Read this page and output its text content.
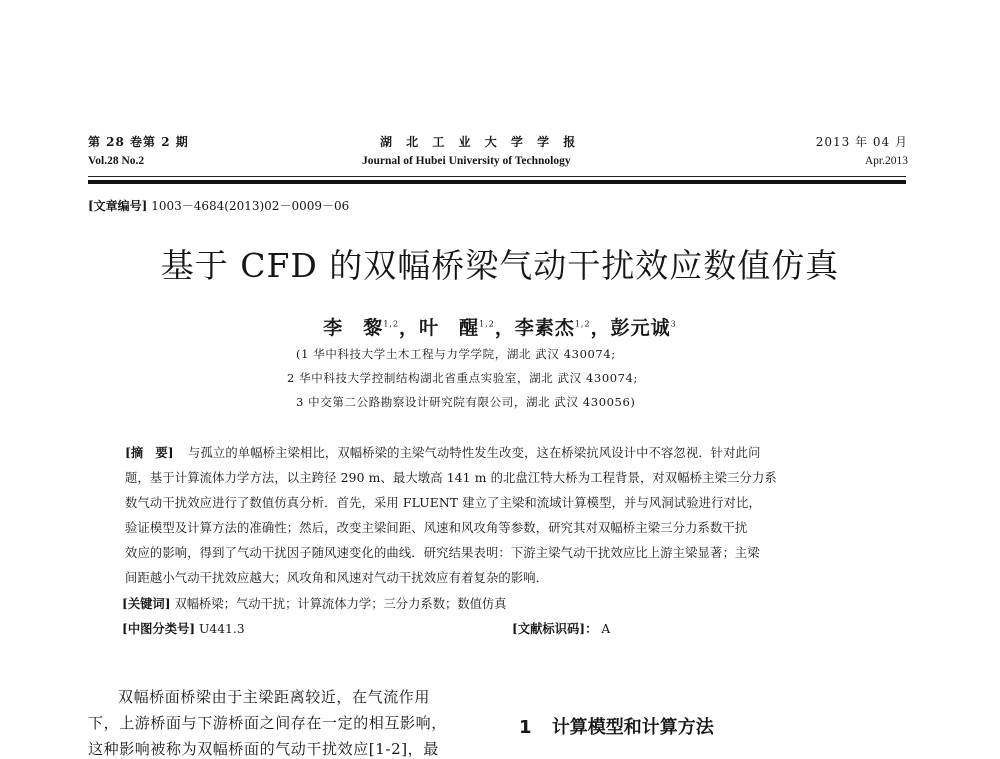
第 28 卷第 2 期
Vol.28 No.2
湖 北 工 业 大 学 学 报
Journal of Hubei University of Technology
2013 年 04 月
Apr.2013
[文章编号] 1003－4684(2013)02－0009－06
基于 CFD 的双幅桥梁气动干扰效应数值仿真
李　黎$^{1,2}$，叶　醒$^{1,2}$，李素杰$^{1,2}$，彭元诚$^3$
(1 华中科技大学土木工程与力学学院，湖北 武汉 430074;
2 华中科技大学控制结构湖北省重点实验室，湖北 武汉 430074;
3 中交第二公路勘察设计研究院有限公司，湖北 武汉 430056)
[摘　要] 与孤立的单幅桥主梁相比，双幅桥梁的主梁气动特性发生改变，这在桥梁抗风设计中不容忽视．针对此问
题，基于计算流体力学方法，以主跨径 290 m、最大墩高 141 m 的北盘江特大桥为工程背景，对双幅桥主梁三分力系
数气动干扰效应进行了数值仿真分析．首先，采用 FLUENT 建立了主梁和流域计算模型，并与风洞试验进行对比，
验证模型及计算方法的准确性；然后，改变主梁间距、风速和风攻角等参数，研究其对双幅桥主梁三分力系数干扰
效应的影响，得到了气动干扰因子随风速变化的曲线．研究结果表明：下游主梁气动干扰效应比上游主梁显著；主梁
间距越小气动干扰效应越大；风攻角和风速对气动干扰效应有着复杂的影响．
[关键词] 双幅桥梁；气动干扰；计算流体力学；三分力系数；数值仿真
[中图分类号] U441.3	[文献标识码]： A
双幅桥面桥梁由于主梁距离较近，在气流作用
下，上游桥面与下游桥面之间存在一定的相互影响，
这种影响被称为双幅桥面的气动干扰效应[1-2]，最
1 计算模型和计算方法
